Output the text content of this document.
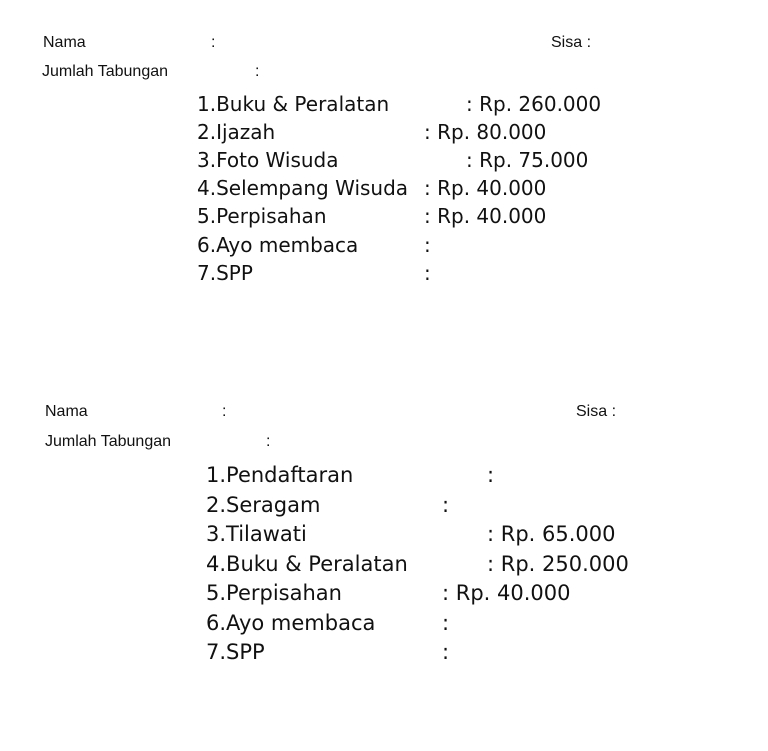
Nama	:	Sisa :
Jumlah Tabungan	:
1.Buku & Peralatan	: Rp. 260.000
2.Ijazah	: Rp. 80.000
3.Foto Wisuda	: Rp. 75.000
4.Selempang Wisuda : Rp. 40.000
5.Perpisahan	: Rp. 40.000
6.Ayo membaca	:
7.SPP	:
Nama	:	Sisa :
Jumlah Tabungan	:
1.Pendaftaran	:
2.Seragam	:
3.Tilawati	: Rp. 65.000
4.Buku & Peralatan	: Rp. 250.000
5.Perpisahan	: Rp. 40.000
6.Ayo membaca	:
7.SPP	:
